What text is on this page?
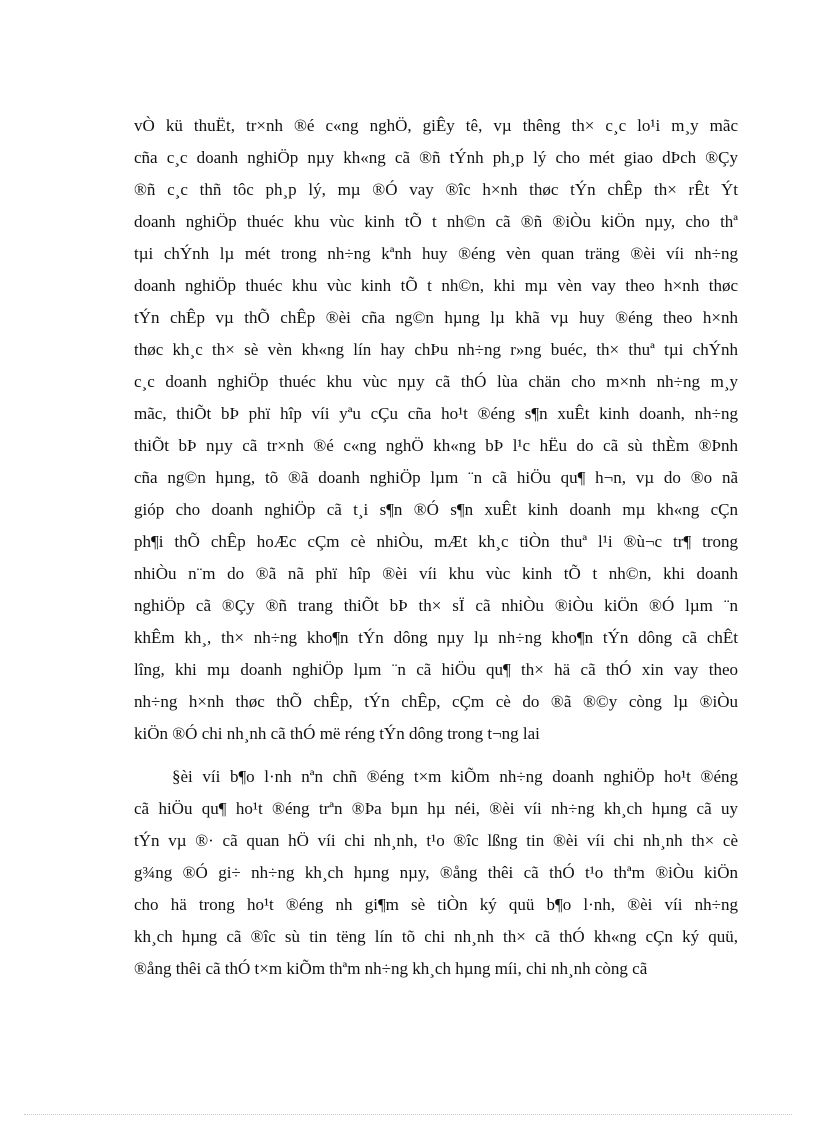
vÒ kü thuËt, tr×nh ®é c«ng nghÖ, giÊy tê, vµ thêng th× c¸c lo¹i m¸y mãc
cña c¸c doanh nghiÖp nµy kh«ng cã ®ñ tÝnh ph¸p lý cho mét giao dÞch ®Çy
®ñ c¸c thñ tôc ph¸p lý, mµ ®Ó vay ®îc h×nh thøc tÝn chÊp th× rÊt Ýt
doanh nghiÖp thuéc khu vùc kinh tÕ t nh©n cã ®ñ ®iÒu kiÖn nµy, cho thª
tµi chÝnh lµ mét trong nh÷ng kªnh huy ®éng vèn quan träng ®èi víi nh÷ng
doanh nghiÖp thuéc khu vùc kinh tÕ t nh©n, khi mµ vèn vay theo h×nh thøc
tÝn chÊp vµ thÕ chÊp ®èi cña ng©n hµng lµ khã vµ huy ®éng theo h×nh
thøc kh¸c th× sè vèn kh«ng lín hay chÞu nh÷ng r»ng buéc, th× thuª tµi chÝnh
c¸c doanh nghiÖp thuéc khu vùc nµy cã thÓ lùa chän cho m×nh nh÷ng m¸y
mãc, thiÕt bÞ phï hîp víi yªu cÇu cña ho¹t ®éng s¶n xuÊt kinh doanh, nh÷ng
thiÕt bÞ nµy cã tr×nh ®é c«ng nghÖ kh«ng bÞ l¹c hËu do cã sù thÈm ®Þnh
cña ng©n hµng, tõ ®ã doanh nghiÖp lµm ¨n cã hiÖu qu¶ h¬n, vµ do ®o nã
gióp cho doanh nghiÖp cã t¸i s¶n ®Ó s¶n xuÊt kinh doanh mµ kh«ng cÇn
ph¶i thÕ chÊp hoÆc cÇm cè nhiÒu, mÆt kh¸c tiÒn thuª l¹i ®ù¬c tr¶ trong
nhiÒu n¨m do ®ã nã phï hîp ®èi víi khu vùc kinh tÕ t nh©n, khi doanh
nghiÖp cã ®Çy ®ñ trang thiÕt bÞ th× sÏ cã nhiÒu ®iÒu kiÖn ®Ó lµm ¨n
khÊm kh¸, th× nh÷ng kho¶n tÝn dông nµy lµ nh÷ng kho¶n tÝn dông cã chÊt
lîng, khi mµ doanh nghiÖp lµm ¨n cã hiÖu qu¶ th× hä cã thÓ xin vay theo
nh÷ng h×nh thøc thÕ chÊp, tÝn chÊp, cÇm cè do ®ã ®©y còng lµ ®iÒu
kiÖn ®Ó chi nh¸nh cã thÓ më réng tÝn dông trong t¬ng lai
§èi víi b¶o l·nh nªn chñ ®éng t×m kiÕm nh÷ng doanh nghiÖp ho¹t ®éng
cã hiÖu qu¶ ho¹t ®éng trªn ®Þa bµn hµ néi, ®èi víi nh÷ng kh¸ch hµng cã uy
tÝn vµ ®· cã quan hÖ víi chi nh¸nh, t¹o ®îc lßng tin ®èi víi chi nh¸nh th× cè
g¾ng ®Ó gi÷ nh÷ng kh¸ch hµng nµy, ®ång thêi cã thÓ t¹o thªm ®iÒu kiÖn
cho hä trong ho¹t ®éng nh gi¶m sè tiÒn ký quü b¶o l·nh, ®èi víi nh÷ng
kh¸ch hµng cã ®îc sù tin tëng lín tõ chi nh¸nh th× cã thÓ kh«ng cÇn ký quü,
®ång thêi cã thÓ t×m kiÕm thªm nh÷ng kh¸ch hµng míi, chi nh¸nh còng cã
